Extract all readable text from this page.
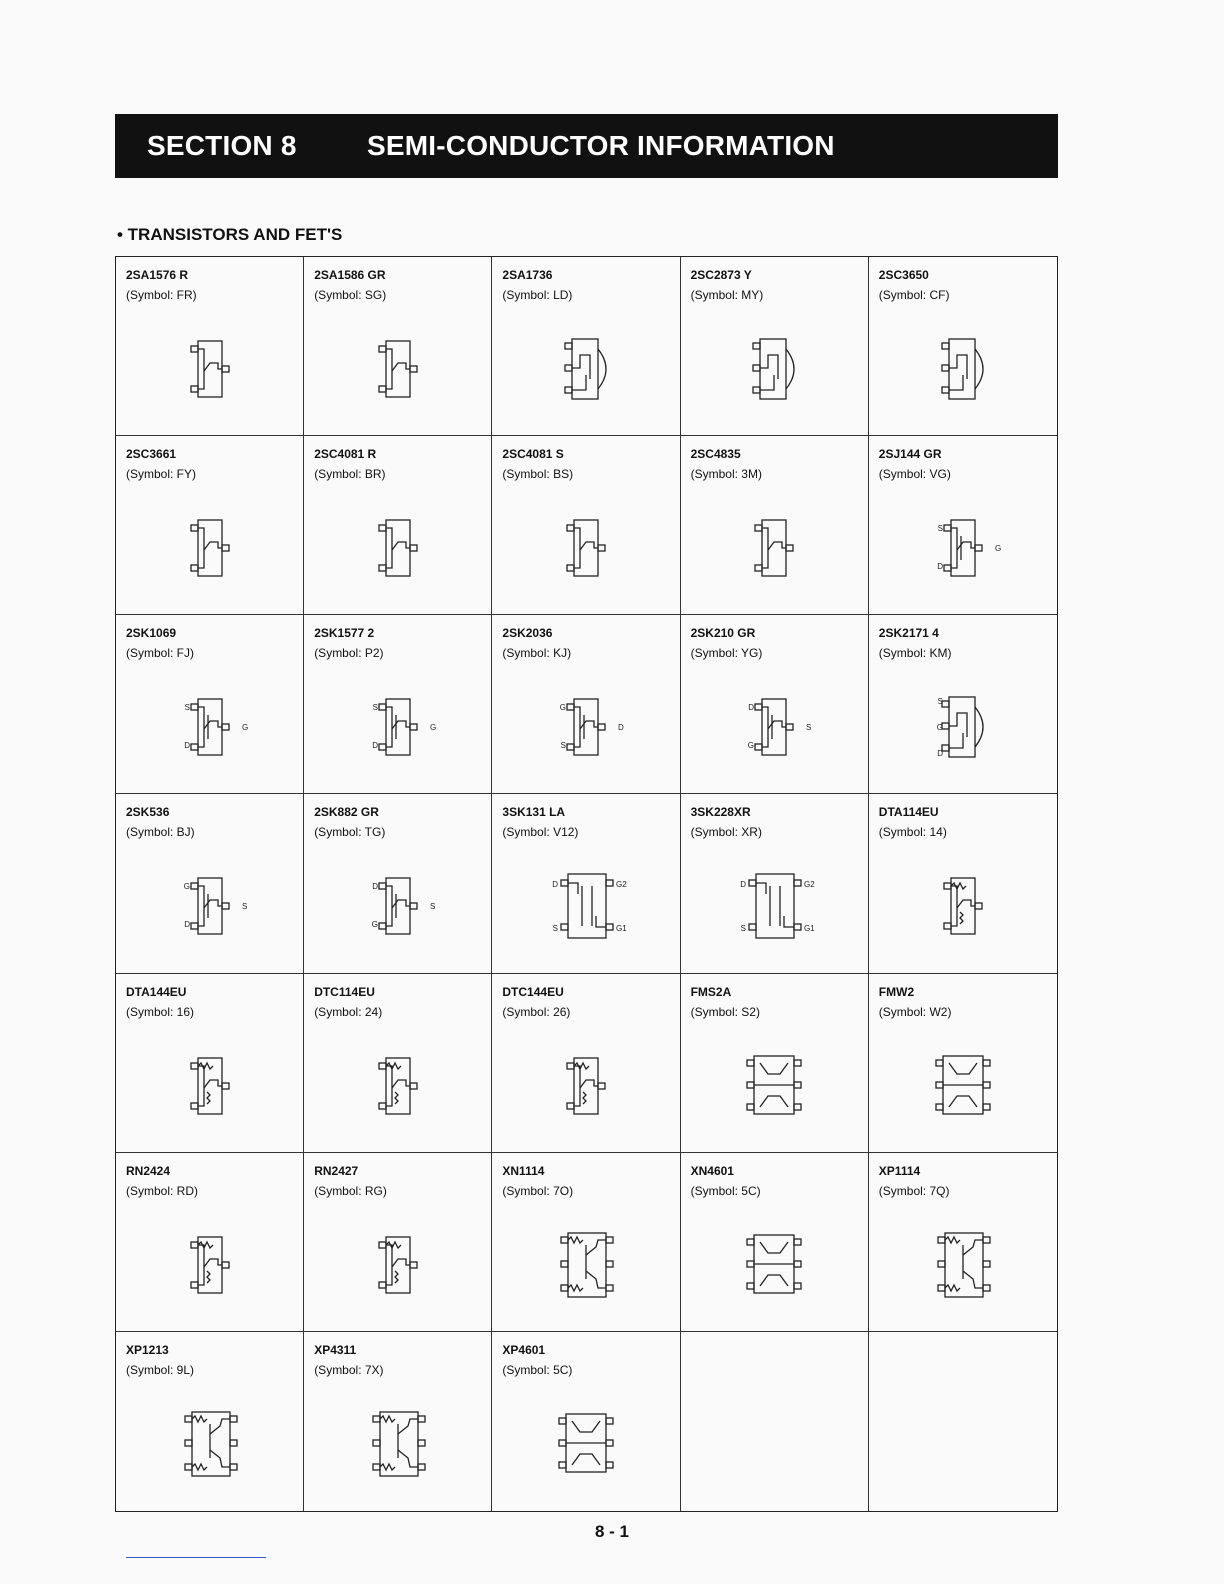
SECTION 8	SEMI-CONDUCTOR INFORMATION
• TRANSISTORS AND FET'S
2SA1576 R
(Symbol: FR)
2SA1586 GR
(Symbol: SG)
2SA1736
(Symbol: LD)
2SC2873 Y
(Symbol: MY)
2SC3650
(Symbol: CF)
2SC3661
(Symbol: FY)
2SC4081 R
(Symbol: BR)
2SC4081 S
(Symbol: BS)
2SC4835
(Symbol: 3M)
2SJ144 GR
(Symbol: VG)
S
D
G
2SK1069
(Symbol: FJ)
S
D
G
2SK1577 2
(Symbol: P2)
S
D
G
2SK2036
(Symbol: KJ)
G
S
D
2SK210 GR
(Symbol: YG)
D
G
S
2SK2171 4
(Symbol: KM)
S
G
D
2SK536
(Symbol: BJ)
G
D
S
2SK882 GR
(Symbol: TG)
D
G
S
3SK131 LA
(Symbol: V12)
D
S
G2
G1
3SK228XR
(Symbol: XR)
D
S
G2
G1
DTA114EU
(Symbol: 14)
DTA144EU
(Symbol: 16)
DTC114EU
(Symbol: 24)
DTC144EU
(Symbol: 26)
FMS2A
(Symbol: S2)
FMW2
(Symbol: W2)
RN2424
(Symbol: RD)
RN2427
(Symbol: RG)
XN1114
(Symbol: 7O)
XN4601
(Symbol: 5C)
XP1114
(Symbol: 7Q)
XP1213
(Symbol: 9L)
XP4311
(Symbol: 7X)
XP4601
(Symbol: 5C)
8 - 1
